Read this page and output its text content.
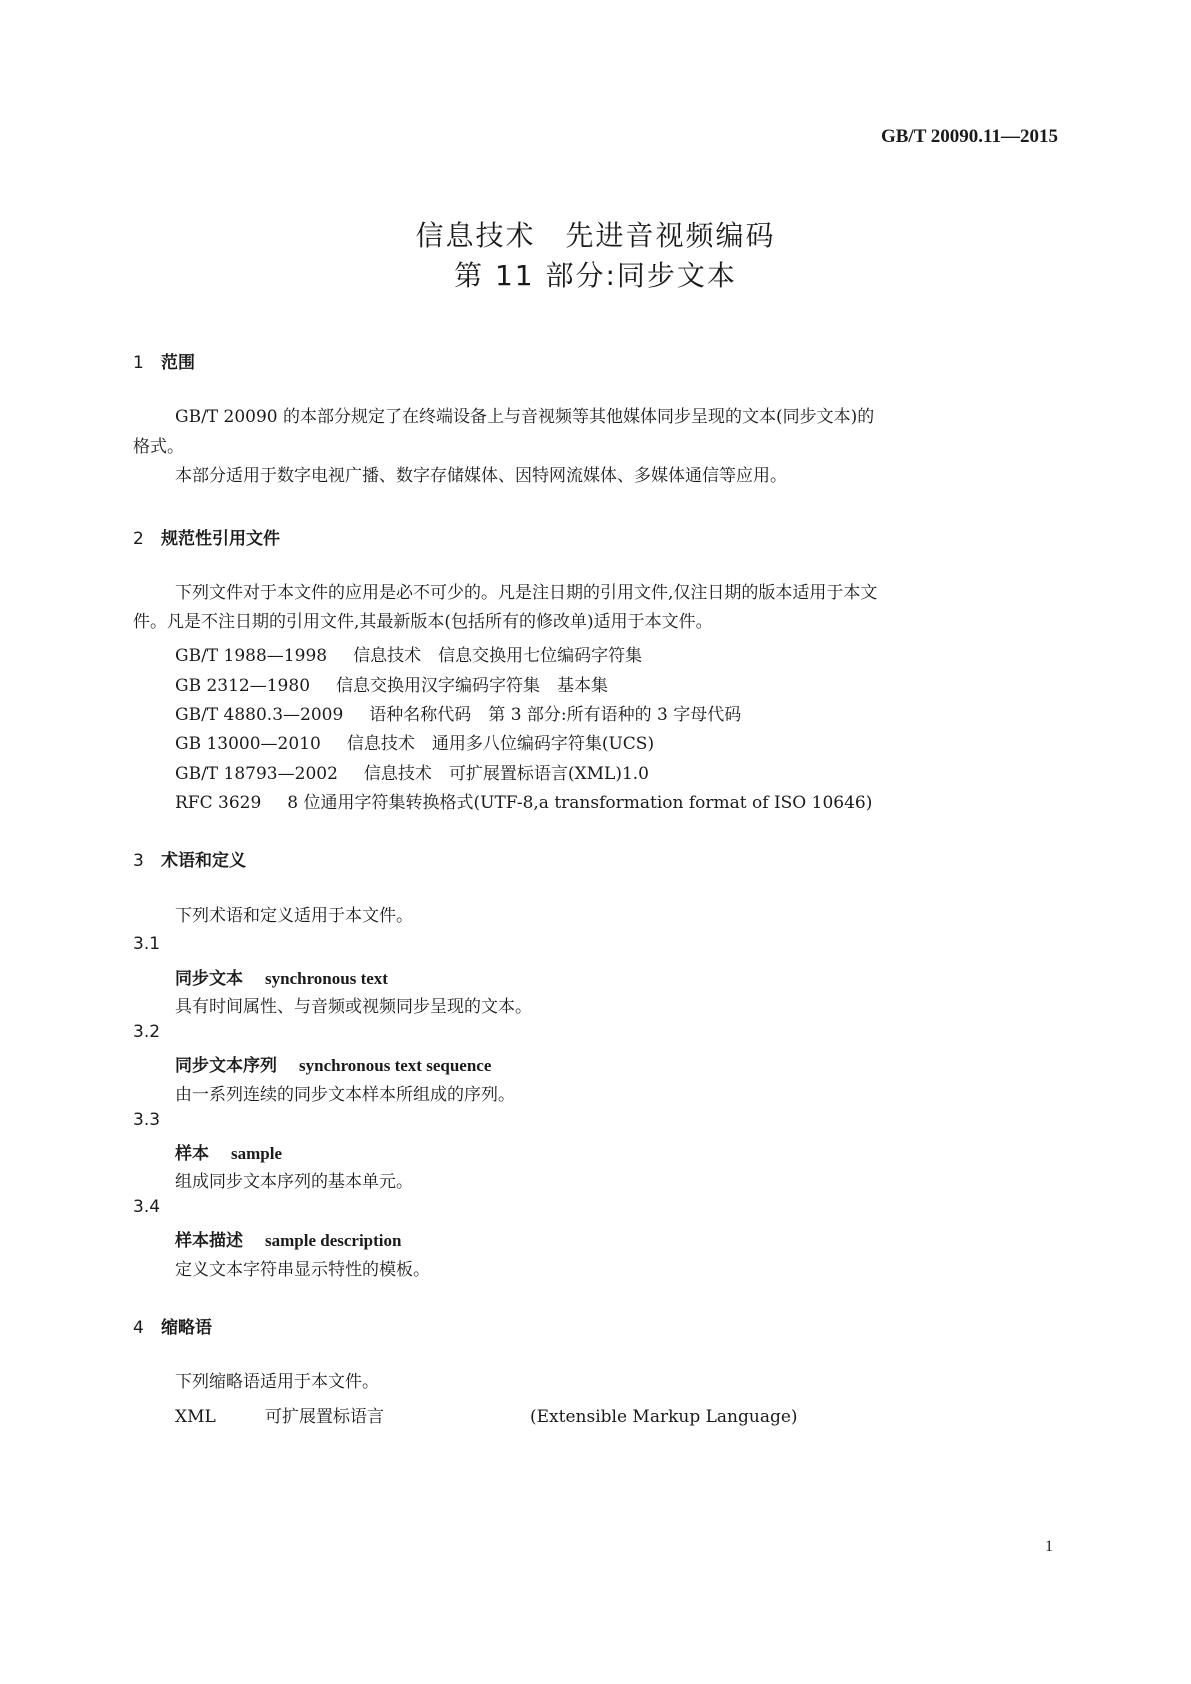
GB/T 20090.11—2015
信息技术　先进音视频编码
第 11 部分:同步文本
1 范围
GB/T 20090 的本部分规定了在终端设备上与音视频等其他媒体同步呈现的文本(同步文本)的
格式。
本部分适用于数字电视广播、数字存储媒体、因特网流媒体、多媒体通信等应用。
2 规范性引用文件
下列文件对于本文件的应用是必不可少的。凡是注日期的引用文件,仅注日期的版本适用于本文
件。凡是不注日期的引用文件,其最新版本(包括所有的修改单)适用于本文件。
GB/T 1988—1998 信息技术　信息交换用七位编码字符集
GB 2312—1980 信息交换用汉字编码字符集　基本集
GB/T 4880.3—2009 语种名称代码　第 3 部分:所有语种的 3 字母代码
GB 13000—2010 信息技术　通用多八位编码字符集(UCS)
GB/T 18793—2002 信息技术　可扩展置标语言(XML)1.0
RFC 3629 8 位通用字符集转换格式(UTF-8,a transformation format of ISO 10646)
3 术语和定义
下列术语和定义适用于本文件。
3.1
同步文本 synchronous text
具有时间属性、与音频或视频同步呈现的文本。
3.2
同步文本序列 synchronous text sequence
由一系列连续的同步文本样本所组成的序列。
3.3
样本 sample
组成同步文本序列的基本单元。
3.4
样本描述 sample description
定义文本字符串显示特性的模板。
4 缩略语
下列缩略语适用于本文件。
XML	可扩展置标语言	(Extensible Markup Language)
1
